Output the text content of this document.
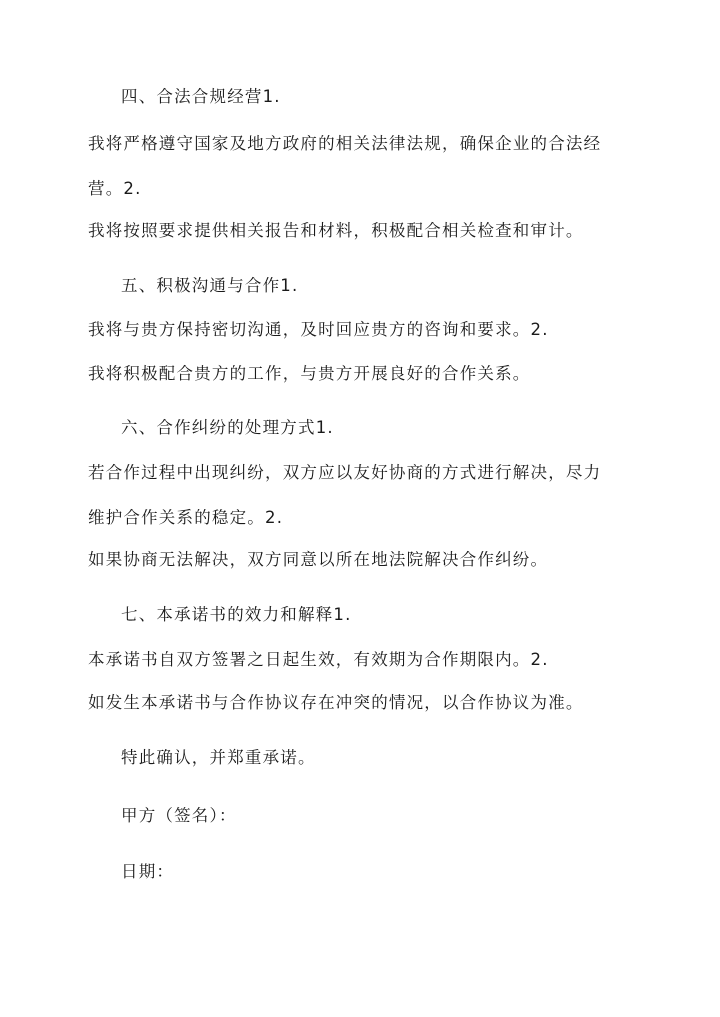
四、合法合规经营1.
我将严格遵守国家及地方政府的相关法律法规，确保企业的合法经
营。2.
我将按照要求提供相关报告和材料，积极配合相关检查和审计。
五、积极沟通与合作1.
我将与贵方保持密切沟通，及时回应贵方的咨询和要求。2.
我将积极配合贵方的工作，与贵方开展良好的合作关系。
六、合作纠纷的处理方式1.
若合作过程中出现纠纷，双方应以友好协商的方式进行解决，尽力
维护合作关系的稳定。2.
如果协商无法解决，双方同意以所在地法院解决合作纠纷。
七、本承诺书的效力和解释1.
本承诺书自双方签署之日起生效，有效期为合作期限内。2.
如发生本承诺书与合作协议存在冲突的情况，以合作协议为准。
特此确认，并郑重承诺。
甲方（签名）：
日期：
